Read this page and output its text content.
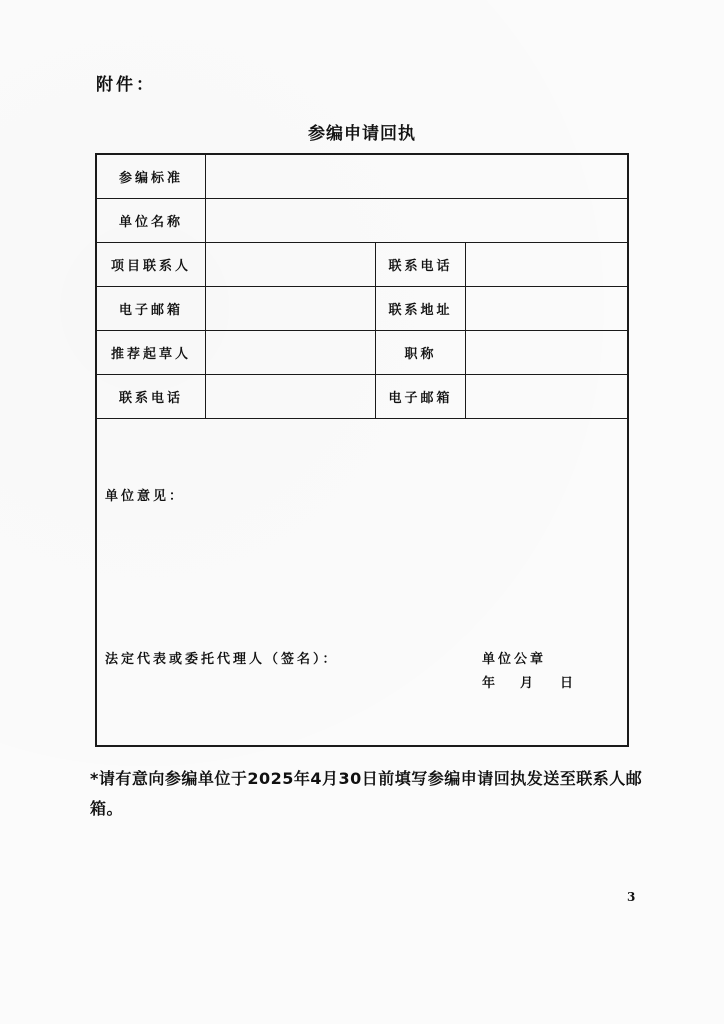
附件：
参编申请回执
参编标准
单位名称
项目联系人	联系电话
电子邮箱	联系地址
推荐起草人	职称
联系电话	电子邮箱
单位意见：
法定代表或委托代理人（签名）：	单位公章
年	月	日
*请有意向参编单位于2025年4月30日前填写参编申请回执发送至联系人邮箱。
3
